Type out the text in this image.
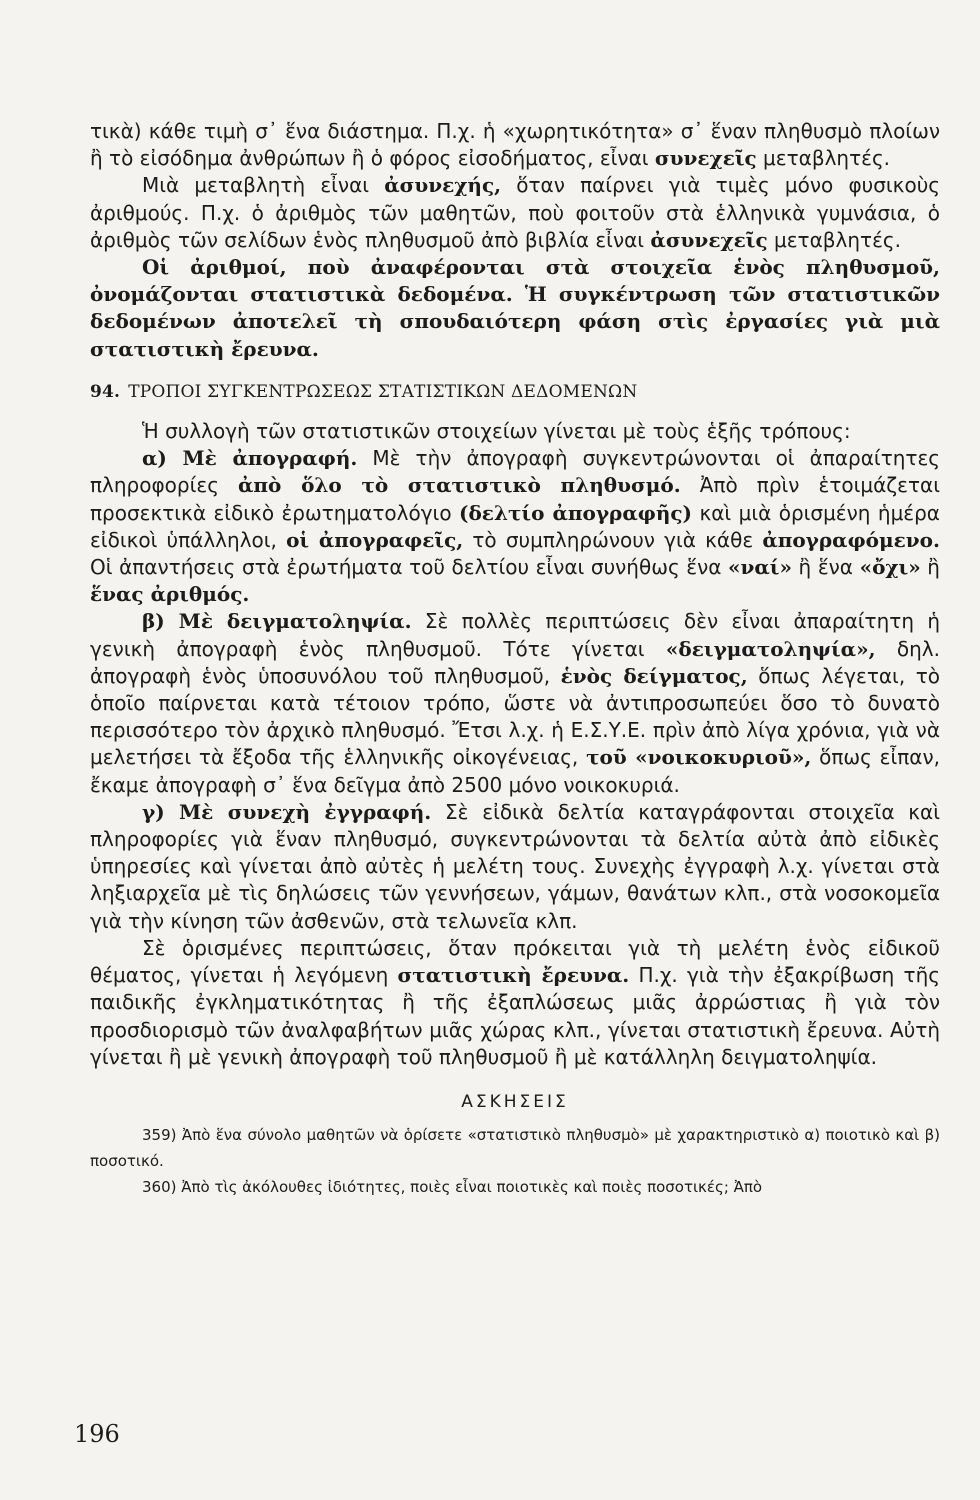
τικὰ) κάθε τιμὴ σ᾿ ἕνα διάστημα. Π.χ. ἡ «χωρητικότητα» σ᾿ ἕναν πληθυσμὸ πλοίων ἢ τὸ εἰσόδημα ἀνθρώπων ἢ ὁ φόρος εἰσοδήματος, εἶναι συνεχεῖς μεταβλητές.

Μιὰ μεταβλητὴ εἶναι ἀσυνεχής, ὅταν παίρνει γιὰ τιμὲς μόνο φυσικοὺς ἀριθμούς. Π.χ. ὁ ἀριθμὸς τῶν μαθητῶν, ποὺ φοιτοῦν στὰ ἑλληνικὰ γυμνάσια, ὁ ἀριθμὸς τῶν σελίδων ἑνὸς πληθυσμοῦ ἀπὸ βιβλία εἶναι ἀσυνεχεῖς μεταβλητές.

Οἱ ἀριθμοί, ποὺ ἀναφέρονται στὰ στοιχεῖα ἑνὸς πληθυσμοῦ, ὀνομάζονται στατιστικὰ δεδομένα. Ἡ συγκέντρωση τῶν στατιστικῶν δεδομένων ἀποτελεῖ τὴ σπουδαιότερη φάση στὶς ἐργασίες γιὰ μιὰ στατιστικὴ ἔρευνα.

94. ΤΡΟΠΟΙ ΣΥΓΚΕΝΤΡΩΣΕΩΣ ΣΤΑΤΙΣΤΙΚΩΝ ΔΕΔΟΜΕΝΩΝ

Ἡ συλλογὴ τῶν στατιστικῶν στοιχείων γίνεται μὲ τοὺς ἑξῆς τρόπους:

α) Μὲ ἀπογραφή. Μὲ τὴν ἀπογραφὴ συγκεντρώνονται οἱ ἀπαραίτητες πληροφορίες ἀπὸ ὅλο τὸ στατιστικὸ πληθυσμό. Ἀπὸ πρὶν ἑτοιμάζεται προσεκτικὰ εἰδικὸ ἐρωτηματολόγιο (δελτίο ἀπογραφῆς) καὶ μιὰ ὁρισμένη ἡμέρα εἰδικοὶ ὑπάλληλοι, οἱ ἀπογραφεῖς, τὸ συμπληρώνουν γιὰ κάθε ἀπογραφόμενο. Οἱ ἀπαντήσεις στὰ ἐρωτήματα τοῦ δελτίου εἶναι συνήθως ἕνα «ναί» ἢ ἕνα «ὄχι» ἢ ἕνας ἀριθμός.

β) Μὲ δειγματοληψία. Σὲ πολλὲς περιπτώσεις δὲν εἶναι ἀπαραίτητη ἡ γενικὴ ἀπογραφὴ ἑνὸς πληθυσμοῦ. Τότε γίνεται «δειγματοληψία», δηλ. ἀπογραφὴ ἑνὸς ὑποσυνόλου τοῦ πληθυσμοῦ, ἑνὸς δείγματος, ὅπως λέγεται, τὸ ὁποῖο παίρνεται κατὰ τέτοιον τρόπο, ὥστε νὰ ἀντιπροσωπεύει ὅσο τὸ δυνατὸ περισσότερο τὸν ἀρχικὸ πληθυσμό. Ἔτσι λ.χ. ἡ Ε.Σ.Υ.Ε. πρὶν ἀπὸ λίγα χρόνια, γιὰ νὰ μελετήσει τὰ ἔξοδα τῆς ἑλληνικῆς οἰκογένειας, τοῦ «νοικοκυριοῦ», ὅπως εἶπαν, ἔκαμε ἀπογραφὴ σ᾿ ἕνα δεῖγμα ἀπὸ 2500 μόνο νοικοκυριά.

γ) Μὲ συνεχὴ ἐγγραφή. Σὲ εἰδικὰ δελτία καταγράφονται στοιχεῖα καὶ πληροφορίες γιὰ ἕναν πληθυσμό, συγκεντρώνονται τὰ δελτία αὐτὰ ἀπὸ εἰδικὲς ὑπηρεσίες καὶ γίνεται ἀπὸ αὐτὲς ἡ μελέτη τους. Συνεχὴς ἐγγραφὴ λ.χ. γίνεται στὰ ληξιαρχεῖα μὲ τὶς δηλώσεις τῶν γεννήσεων, γάμων, θανάτων κλπ., στὰ νοσοκομεῖα γιὰ τὴν κίνηση τῶν ἀσθενῶν, στὰ τελωνεῖα κλπ.

Σὲ ὁρισμένες περιπτώσεις, ὅταν πρόκειται γιὰ τὴ μελέτη ἑνὸς εἰδικοῦ θέματος, γίνεται ἡ λεγόμενη στατιστικὴ ἔρευνα. Π.χ. γιὰ τὴν ἐξακρίβωση τῆς παιδικῆς ἐγκληματικότητας ἢ τῆς ἐξαπλώσεως μιᾶς ἀρρώστιας ἢ γιὰ τὸν προσδιορισμὸ τῶν ἀναλφαβήτων μιᾶς χώρας κλπ., γίνεται στατιστικὴ ἔρευνα. Αὐτὴ γίνεται ἢ μὲ γενικὴ ἀπογραφὴ τοῦ πληθυσμοῦ ἢ μὲ κατάλληλη δειγματοληψία.

ΑΣΚΗΣΕΙΣ

359) Ἀπὸ ἕνα σύνολο μαθητῶν νὰ ὁρίσετε «στατιστικὸ πληθυσμὸ» μὲ χαρακτηριστικὸ α) ποιοτικὸ καὶ β) ποσοτικό.

360) Ἀπὸ τὶς ἀκόλουθες ἰδιότητες, ποιὲς εἶναι ποιοτικὲς καὶ ποιὲς ποσοτικές; Ἀπὸ

196
